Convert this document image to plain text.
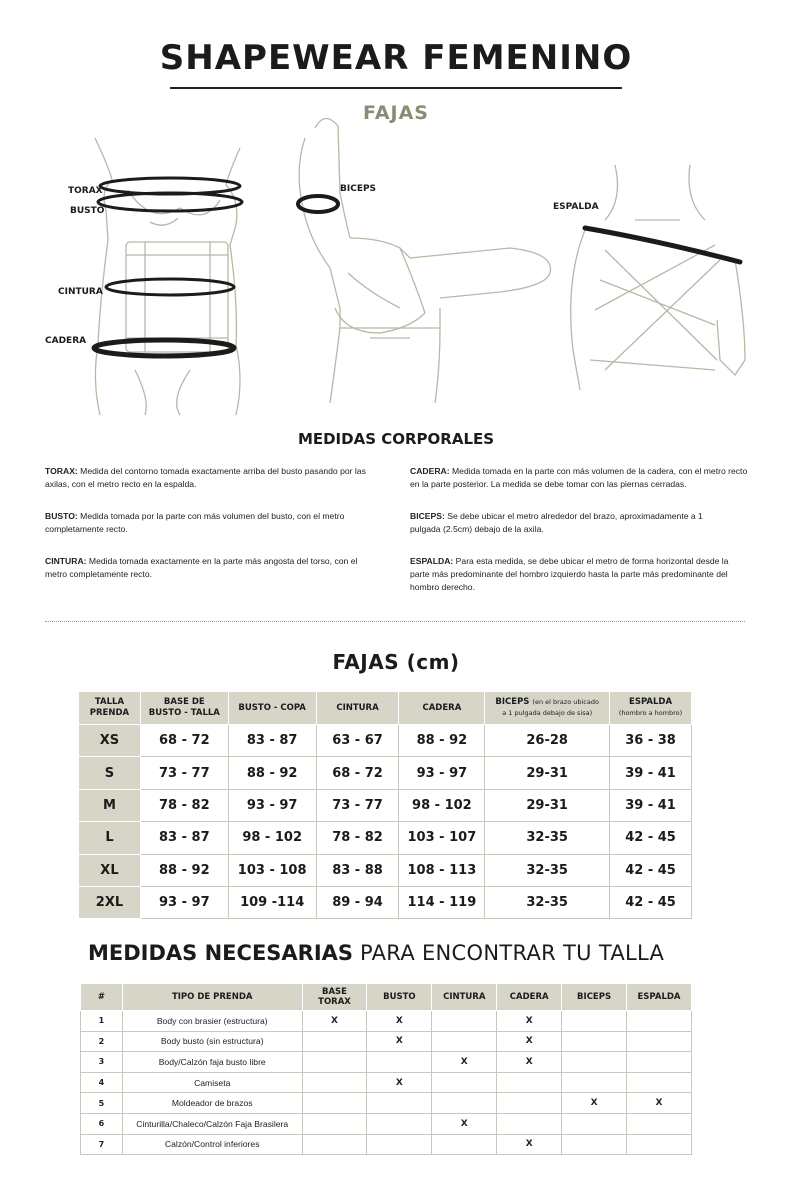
SHAPEWEAR FEMENINO
FAJAS
TORAX
BUSTO
CINTURA
CADERA
BICEPS
ESPALDA
MEDIDAS CORPORALES
TORAX: Medida del contorno tomada exactamente arriba del busto pasando por las axilas, con el metro recto en la espalda.
BUSTO: Medida tomada por la parte con más volumen del busto, con el metro completamente recto.
CINTURA: Medida tomada exactamente en la parte más angosta del torso, con el metro completamente recto.
CADERA: Medida tomada en la parte con más volumen de la cadera, con el metro recto en la parte posterior. La medida se debe tomar con las piernas cerradas.
BICEPS: Se debe ubicar el metro alrededor del brazo, aproximadamente a 1 pulgada (2.5cm) debajo de la axila.
ESPALDA: Para esta medida, se debe ubicar el metro de forma horizontal desde la parte más predominante del hombro izquierdo hasta la parte más predominante del hombro derecho.
FAJAS (cm)
TALLA
PRENDA	BASE DE
BUSTO - TALLA	BUSTO - COPA	CINTURA	CADERA	BICEPS (en el brazo ubicado
a 1 pulgada debajo de sisa)	ESPALDA
(hombro a hombro)
XS	68 - 72	83 - 87	63 - 67	88 - 92	26-28	36 - 38
S	73 - 77	88 - 92	68 - 72	93 - 97	29-31	39 - 41
M	78 - 82	93 - 97	73 - 77	98 - 102	29-31	39 - 41
L	83 - 87	98 - 102	78 - 82	103 - 107	32-35	42 - 45
XL	88 - 92	103 - 108	83 - 88	108 - 113	32-35	42 - 45
2XL	93 - 97	109 -114	89 - 94	114 - 119	32-35	42 - 45
MEDIDAS NECESARIAS PARA ENCONTRAR TU TALLA
#	TIPO DE PRENDA	BASE
TORAX	BUSTO	CINTURA	CADERA	BICEPS	ESPALDA
1	Body con brasier (estructura)	X	X		X		
2	Body busto (sin estructura)		X		X		
3	Body/Calzón faja busto libre			X	X		
4	Camiseta		X				
5	Moldeador de brazos					X	X
6	Cinturilla/Chaleco/Calzón Faja Brasilera			X			
7	Calzón/Control inferiores				X		
